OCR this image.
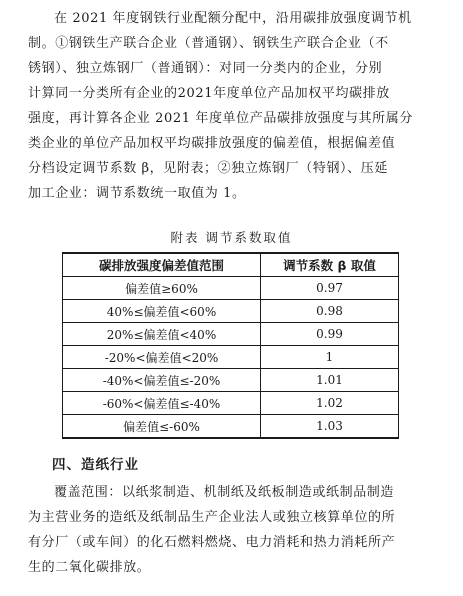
在 2021 年度钢铁行业配额分配中，沿用碳排放强度调节机
制。①钢铁生产联合企业（普通钢）、钢铁生产联合企业（不
锈钢）、独立炼钢厂（普通钢）：对同一分类内的企业，分别
计算同一分类所有企业的2021年度单位产品加权平均碳排放
强度，再计算各企业 2021 年度单位产品碳排放强度与其所属分
类企业的单位产品加权平均碳排放强度的偏差值，根据偏差值
分档设定调节系数 β，见附表；②独立炼钢厂（特钢）、压延
加工企业：调节系数统一取值为 1。
附表 调节系数取值
碳排放强度偏差值范围	调节系数 β 取值
偏差值≥60%	0.97
40%≤偏差值<60%	0.98
20%≤偏差值<40%	0.99
-20%<偏差值<20%	1
-40%<偏差值≤-20%	1.01
-60%<偏差值≤-40%	1.02
偏差值≤-60%	1.03
四、造纸行业
覆盖范围：以纸浆制造、机制纸及纸板制造或纸制品制造
为主营业务的造纸及纸制品生产企业法人或独立核算单位的所
有分厂（或车间）的化石燃料燃烧、电力消耗和热力消耗所产
生的二氧化碳排放。
